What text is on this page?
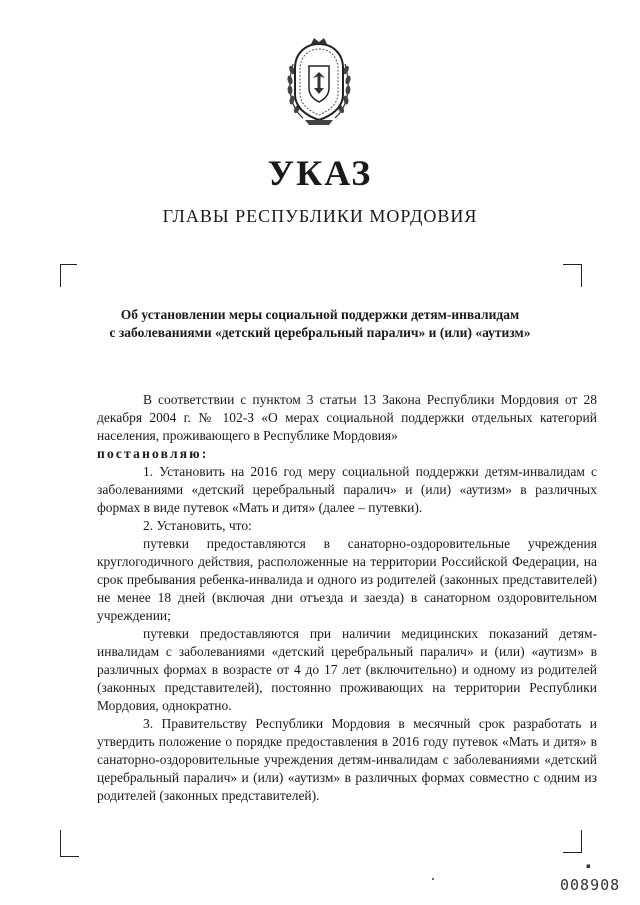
УКАЗ
ГЛАВЫ РЕСПУБЛИКИ МОРДОВИЯ
Об установлении меры социальной поддержки детям-инвалидам
с заболеваниями «детский церебральный паралич» и (или) «аутизм»

В соответствии с пунктом 3 статьи 13 Закона Республики Мордовия от 28 декабря 2004 г. № 102-З «О мерах социальной поддержки отдельных категорий населения, проживающего в Республике Мордовия»

постановляю:

1. Установить на 2016 год меру социальной поддержки детям-инвалидам с заболеваниями «детский церебральный паралич» и (или) «аутизм» в различных формах в виде путевок «Мать и дитя» (далее – путевки).

2. Установить, что:

путевки предоставляются в санаторно-оздоровительные учреждения круглогодичного действия, расположенные на территории Российской Федерации, на срок пребывания ребенка-инвалида и одного из родителей (законных представителей) не менее 18 дней (включая дни отъезда и заезда) в санаторном оздоровительном учреждении;

путевки предоставляются при наличии медицинских показаний детям-инвалидам с заболеваниями «детский церебральный паралич» и (или) «аутизм» в различных формах в возрасте от 4 до 17 лет (включительно) и одному из родителей (законных представителей), постоянно проживающих на территории Республики Мордовия, однократно.

3. Правительству Республики Мордовия в месячный срок разработать и утвердить положение о порядке предоставления в 2016 году путевок «Мать и дитя» в санаторно-оздоровительные учреждения детям-инвалидам с заболеваниями «детский церебральный паралич» и (или) «аутизм» в различных формах совместно с одним из родителей (законных представителей).

▪
008908
